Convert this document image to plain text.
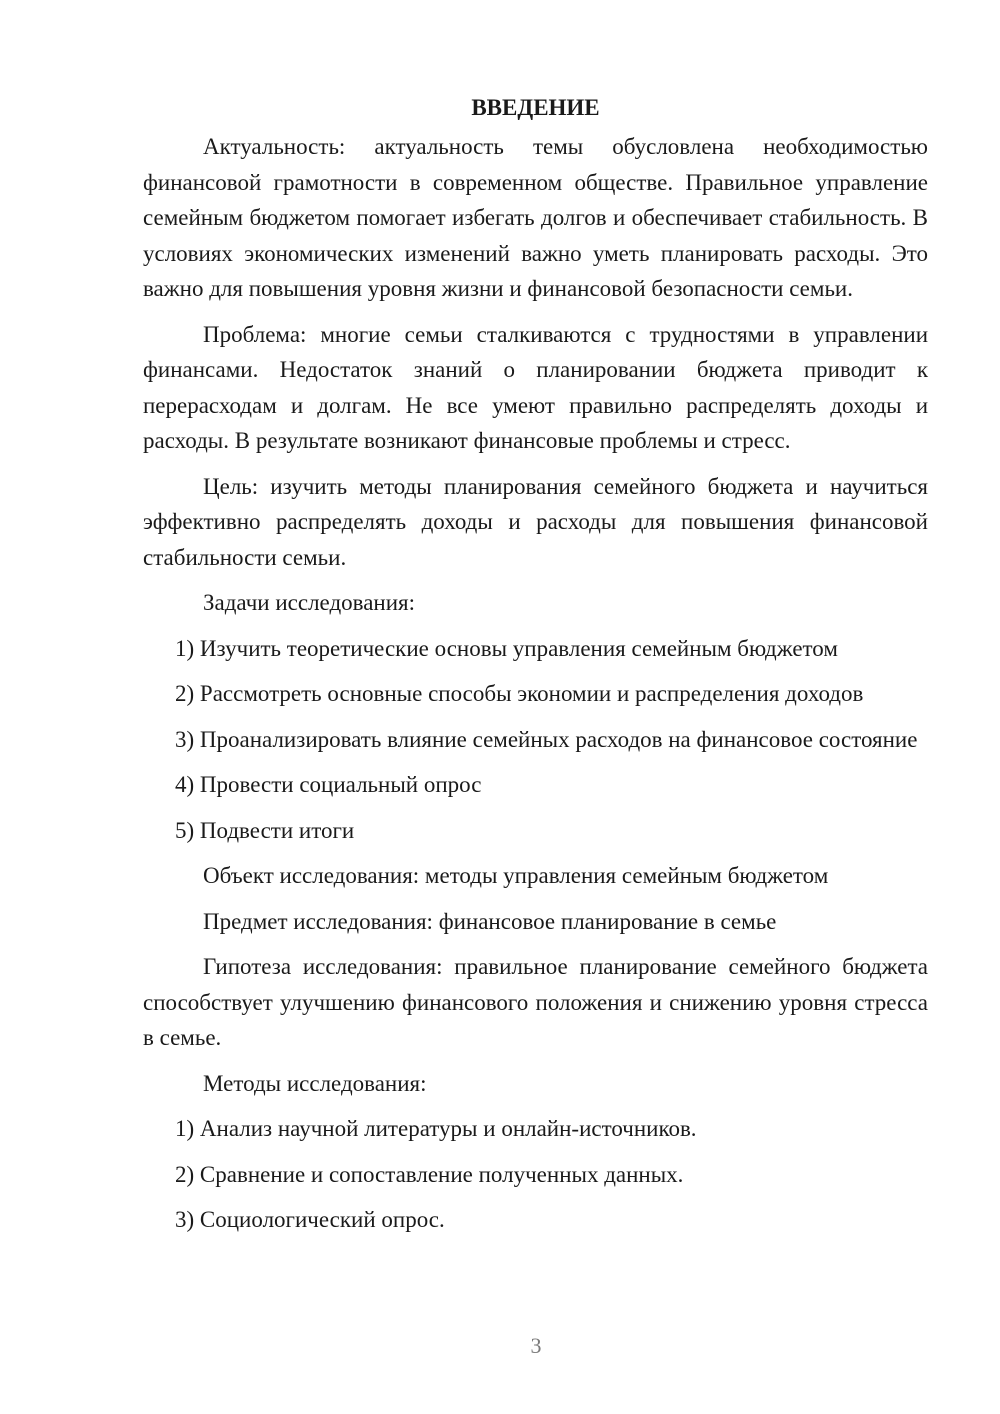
ВВЕДЕНИЕ

Актуальность: актуальность темы обусловлена необходимостью финансовой грамотности в современном обществе. Правильное управление семейным бюджетом помогает избегать долгов и обеспечивает стабильность. В условиях экономических изменений важно уметь планировать расходы. Это важно для повышения уровня жизни и финансовой безопасности семьи.

Проблема: многие семьи сталкиваются с трудностями в управлении финансами. Недостаток знаний о планировании бюджета приводит к перерасходам и долгам. Не все умеют правильно распределять доходы и расходы. В результате возникают финансовые проблемы и стресс.

Цель: изучить методы планирования семейного бюджета и научиться эффективно распределять доходы и расходы для повышения финансовой стабильности семьи.

Задачи исследования:

1) Изучить теоретические основы управления семейным бюджетом

2) Рассмотреть основные способы экономии и распределения доходов

3) Проанализировать влияние семейных расходов на финансовое состояние

4) Провести социальный опрос

5) Подвести итоги

Объект исследования: методы управления семейным бюджетом

Предмет исследования: финансовое планирование в семье

Гипотеза исследования: правильное планирование семейного бюджета способствует улучшению финансового положения и снижению уровня стресса в семье.

Методы исследования:

1) Анализ научной литературы и онлайн-источников.

2) Сравнение и сопоставление полученных данных.

3) Социологический опрос.

3
